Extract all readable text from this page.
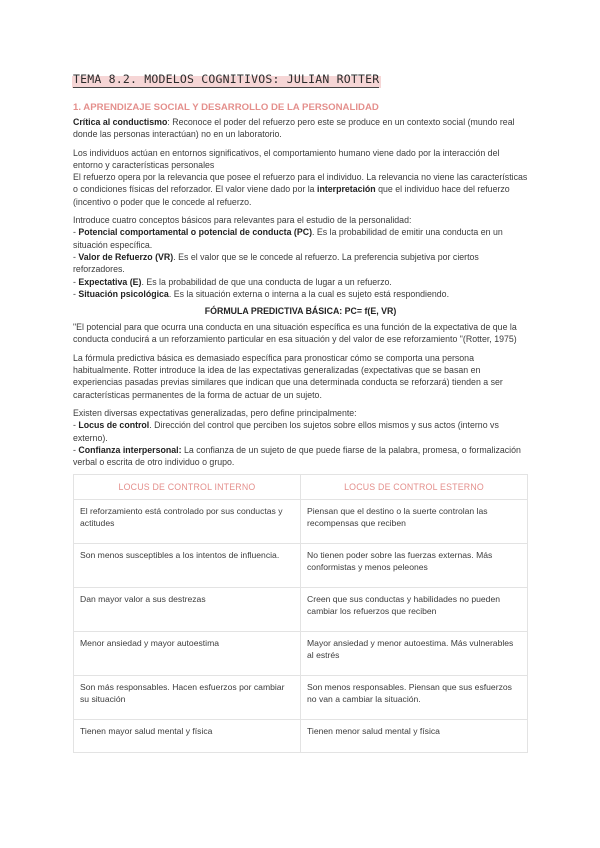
TEMA 8.2. MODELOS COGNITIVOS: JULIAN ROTTER
1. APRENDIZAJE SOCIAL Y DESARROLLO DE LA PERSONALIDAD

Crítica al conductismo: Reconoce el poder del refuerzo pero este se produce en un contexto social (mundo real donde las personas interactúan) no en un laboratorio.

Los individuos actúan en entornos significativos, el comportamiento humano viene dado por la interacción del entorno y características personales

El refuerzo opera por la relevancia que posee el refuerzo para el individuo. La relevancia no viene las características o condiciones físicas del reforzador. El valor viene dado por la interpretación que el individuo hace del refuerzo (incentivo o poder que le concede al refuerzo.

Introduce cuatro conceptos básicos para relevantes para el estudio de la personalidad:
- Potencial comportamental o potencial de conducta (PC). Es la probabilidad de emitir una conducta en un situación específica.
- Valor de Refuerzo (VR). Es el valor que se le concede al refuerzo. La preferencia subjetiva por ciertos reforzadores.
- Expectativa (E). Es la probabilidad de que una conducta de lugar a un refuerzo.
- Situación psicológica. Es la situación externa o interna a la cual es sujeto está respondiendo.

FÓRMULA PREDICTIVA BÁSICA: PC= f(E, VR)

"El potencial para que ocurra una conducta en una situación específica es una función de la expectativa de que la conducta conducirá a un reforzamiento particular en esa situación y del valor de ese reforzamiento "(Rotter, 1975)

La fórmula predictiva básica es demasiado específica para pronosticar cómo se comporta una persona habitualmente. Rotter introduce la idea de las expectativas generalizadas (expectativas que se basan en experiencias pasadas previas similares que indican que una determinada conducta se reforzará) tienden a ser características permanentes de la forma de actuar de un sujeto.

Existen diversas expectativas generalizadas, pero define principalmente:
- Locus de control. Dirección del control que perciben los sujetos sobre ellos mismos y sus actos (interno vs externo).
- Confianza interpersonal: La confianza de un sujeto de que puede fiarse de la palabra, promesa, o formalización verbal o escrita de otro individuo o grupo.

LOCUS DE CONTROL INTERNO	LOCUS DE CONTROL ESTERNO
El reforzamiento está controlado por sus conductas y actitudes	Piensan que el destino o la suerte controlan las recompensas que reciben
Son menos susceptibles a los intentos de influencia.	No tienen poder sobre las fuerzas externas. Más conformistas y menos peleones
Dan mayor valor a sus destrezas	Creen que sus conductas y habilidades no pueden cambiar los refuerzos que reciben
Menor ansiedad y mayor autoestima	Mayor ansiedad y menor autoestima. Más vulnerables al estrés
Son más responsables. Hacen esfuerzos por cambiar su situación	Son menos responsables. Piensan que sus esfuerzos no van a cambiar la situación.
Tienen mayor salud mental y física	Tienen menor salud mental y física
